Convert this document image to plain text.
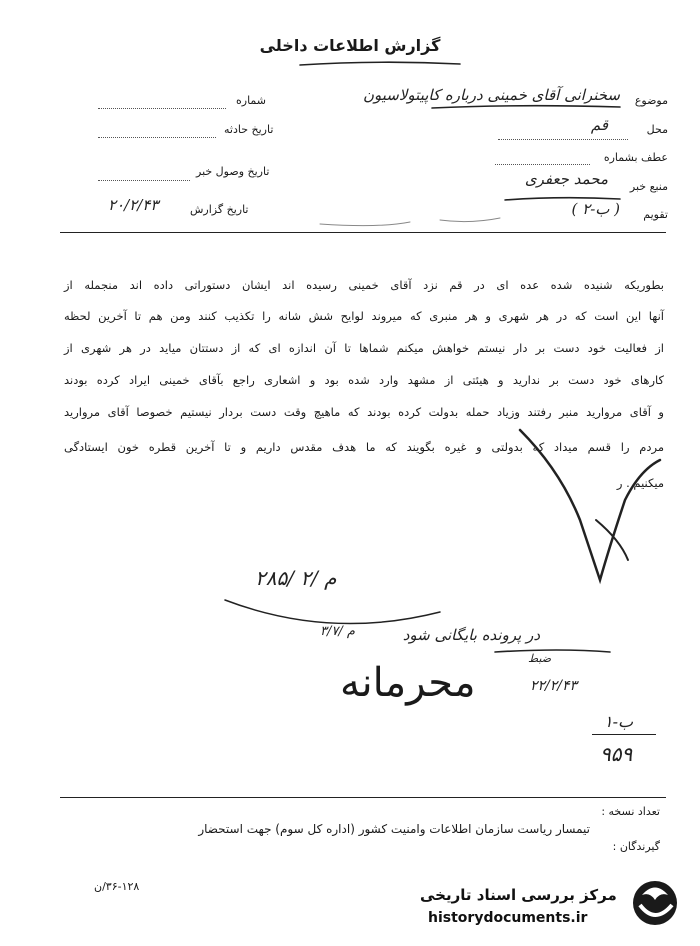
گزارش اطلاعات داخلی
موضوع
سخنرانی آقای خمینی درباره کاپیتولاسیون
محل
قم
عطف بشماره
منبع خبر
محمد جعفری
تقویم
( ب-۲ )
شماره
تاریخ حادثه
تاریخ وصول خبر
تاریخ گزارش
۲۰/۲/۴۳
بطوریکه شنیده شده عده ای در قم نزد آقای خمینی رسیده اند ایشان دستوراتی داده اند منجمله از
آنها این است که در هر شهری و هر منبری که میروند لوایح شش شانه را تکذیب کنند ومن هم تا آخرین لحظه
از فعالیت خود دست بر دار نیستم خواهش میکنم شماها تا آن اندازه ای که از دستتان میاید در هر شهری از
کارهای خود دست بر ندارید و هیئتی از مشهد وارد شده بود و اشعاری راجع بآقای خمینی ایراد کرده بودند
و آقای مروارید منبر رفتند وزیاد حمله بدولت کرده بودند که ماهیچ وقت دست بردار نیستیم خصوصا آقای مروارید
مردم را قسم میداد که بدولتی و غیره بگویند که ما هدف مقدس داریم و تا آخرین قطره خون ایستادگی
میکنیم . ر
۲۸۵/ ۲/ م
در پرونده بایگانی شود
۳/۷/ م
ضبط
۲۲/۲/۴۳
محرمانه
۱-ب
۹۵۹
تعداد نسخه :
تیمسار ریاست سازمان اطلاعات وامنیت کشور (اداره کل سوم) جهت استحضار
گیرندگان :
۳۶-۱۲۸/ن	مرکز بررسی اسناد تاریخی
historydocuments.ir
